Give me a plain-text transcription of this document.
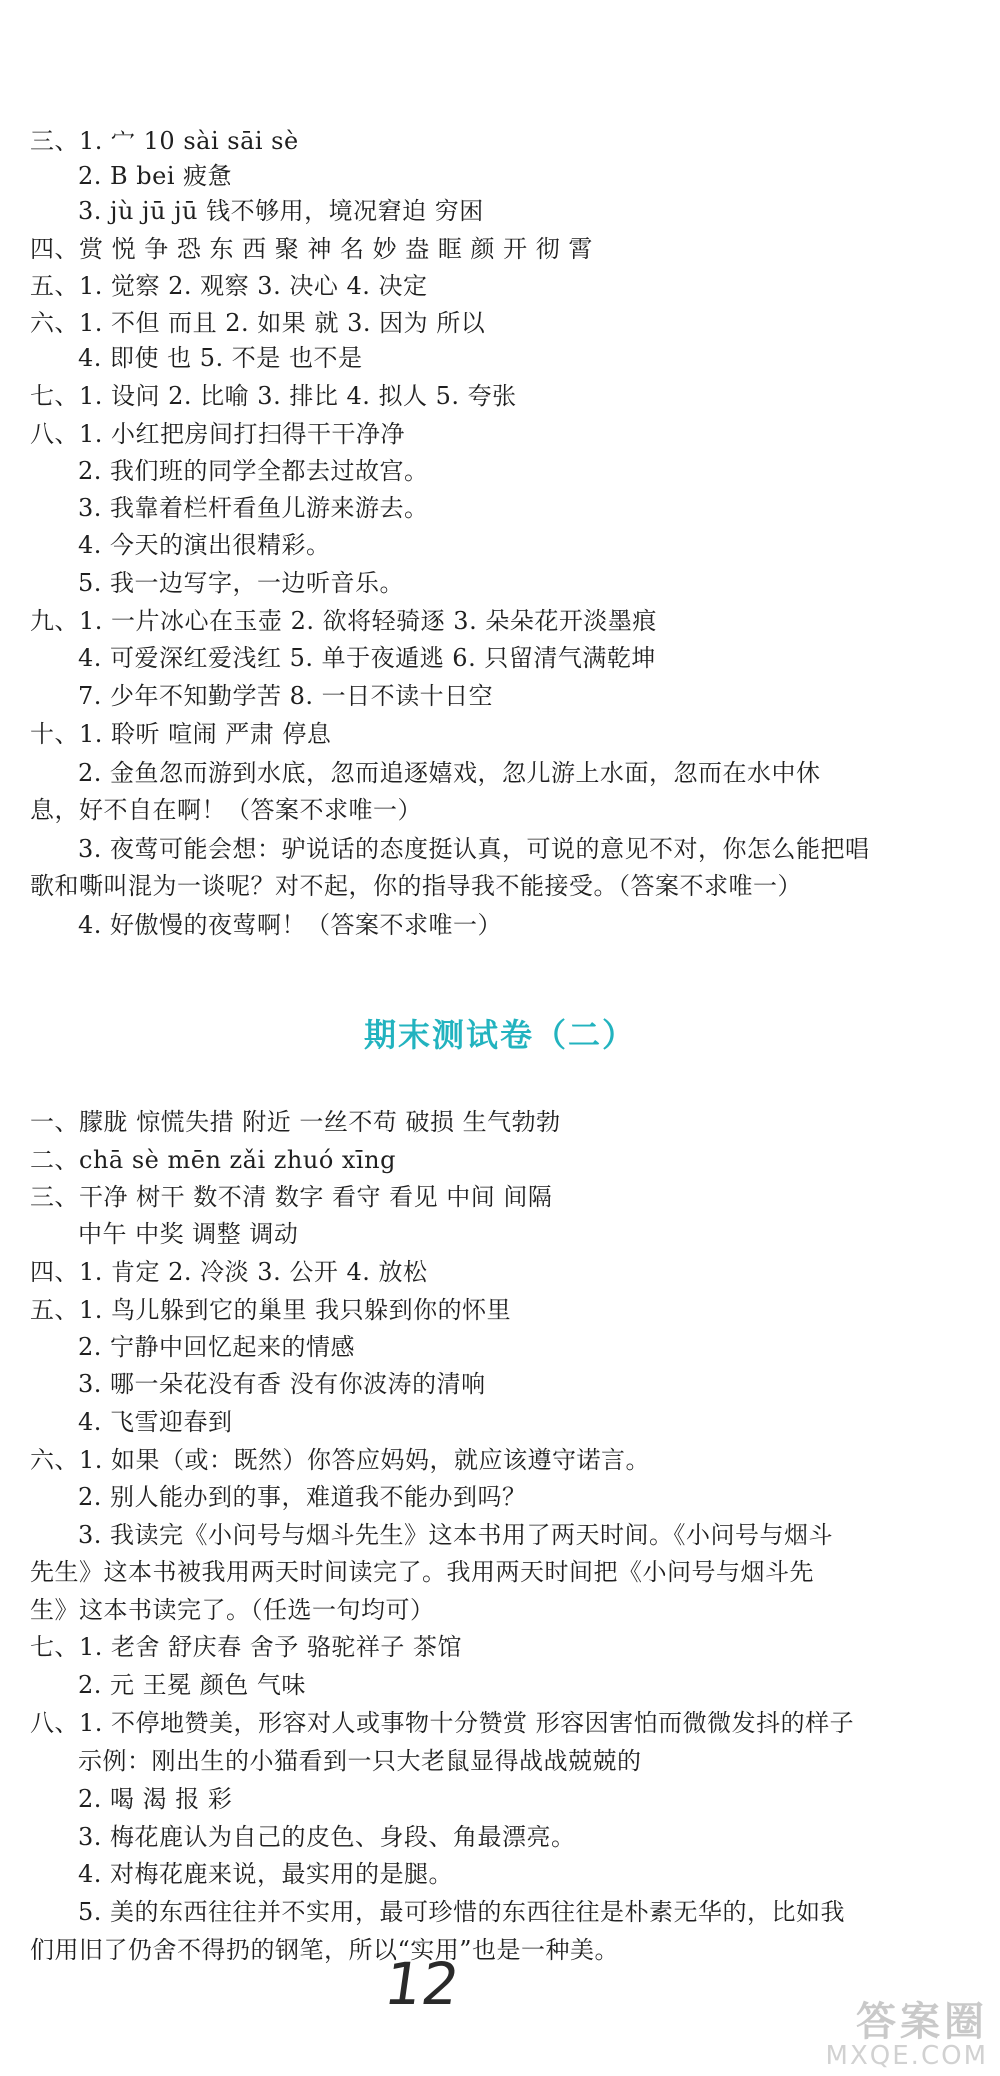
三、1. 宀 10 sài sāi sè
2. B bei 疲惫
3. jù jū jū 钱不够用，境况窘迫 穷困
四、赏 悦 争 恐 东 西 聚 神 名 妙 盎 眶 颜 开 彻 霄
五、1. 觉察 2. 观察 3. 决心 4. 决定
六、1. 不但 而且 2. 如果 就 3. 因为 所以
4. 即使 也 5. 不是 也不是
七、1. 设问 2. 比喻 3. 排比 4. 拟人 5. 夸张
八、1. 小红把房间打扫得干干净净
2. 我们班的同学全都去过故宫。
3. 我靠着栏杆看鱼儿游来游去。
4. 今天的演出很精彩。
5. 我一边写字，一边听音乐。
九、1. 一片冰心在玉壶 2. 欲将轻骑逐 3. 朵朵花开淡墨痕
4. 可爱深红爱浅红 5. 单于夜遁逃 6. 只留清气满乾坤
7. 少年不知勤学苦 8. 一日不读十日空
十、1. 聆听 喧闹 严肃 停息
2. 金鱼忽而游到水底，忽而追逐嬉戏，忽儿游上水面，忽而在水中休
息，好不自在啊！（答案不求唯一）
3. 夜莺可能会想：驴说话的态度挺认真，可说的意见不对，你怎么能把唱
歌和嘶叫混为一谈呢？对不起，你的指导我不能接受。（答案不求唯一）
4. 好傲慢的夜莺啊！（答案不求唯一）
期末测试卷（二）
一、朦胧 惊慌失措 附近 一丝不苟 破损 生气勃勃
二、chā sè mēn zǎi zhuó xīng
三、干净 树干 数不清 数字 看守 看见 中间 间隔
中午 中奖 调整 调动
四、1. 肯定 2. 冷淡 3. 公开 4. 放松
五、1. 鸟儿躲到它的巢里 我只躲到你的怀里
2. 宁静中回忆起来的情感
3. 哪一朵花没有香 没有你波涛的清响
4. 飞雪迎春到
六、1. 如果（或：既然）你答应妈妈，就应该遵守诺言。
2. 别人能办到的事，难道我不能办到吗？
3. 我读完《小问号与烟斗先生》这本书用了两天时间。《小问号与烟斗
先生》这本书被我用两天时间读完了。我用两天时间把《小问号与烟斗先
生》这本书读完了。（任选一句均可）
七、1. 老舍 舒庆春 舍予 骆驼祥子 茶馆
2. 元 王冕 颜色 气味
八、1. 不停地赞美，形容对人或事物十分赞赏 形容因害怕而微微发抖的样子
示例：刚出生的小猫看到一只大老鼠显得战战兢兢的
2. 喝 渴 报 彩
3. 梅花鹿认为自己的皮色、身段、角最漂亮。
4. 对梅花鹿来说，最实用的是腿。
5. 美的东西往往并不实用，最可珍惜的东西往往是朴素无华的，比如我
们用旧了仍舍不得扔的钢笔，所以“实用”也是一种美。
12
答案圈
MXQE.COM
